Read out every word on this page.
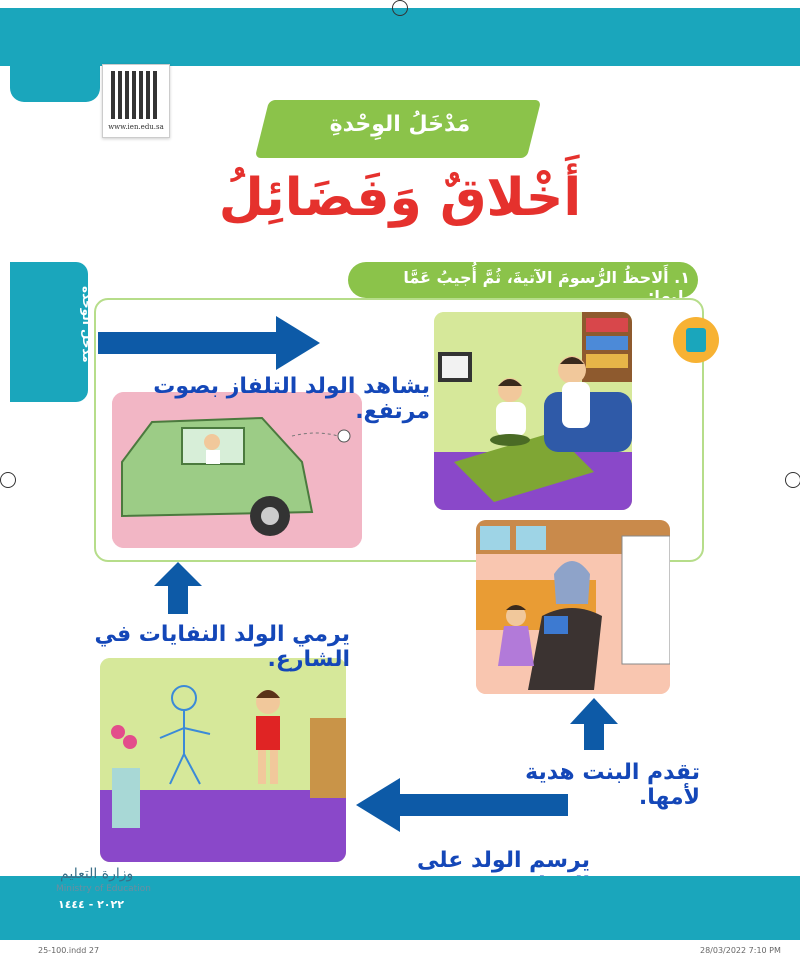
www.ien.edu.sa	مَدْخَلُ الوِحْدةِ
أَخْلاقٌ وَفَضَائِلُ
مدخل الوحدة
١. أَلاحظُ الرُّسومَ الآتيةَ، ثُمَّ أُجيبُ عَمَّا يليها:
يشاهد الولد التلفاز بصوت مرتفع.
يرمي الولد النفايات في الشارع.
تقدم البنت هدية لأمها.
يرسم الولد على
وزارة التعليم
Ministry of Education
٢٠٢٢ - ١٤٤٤
25-100.indd 27	28/03/2022 7:10 PM
